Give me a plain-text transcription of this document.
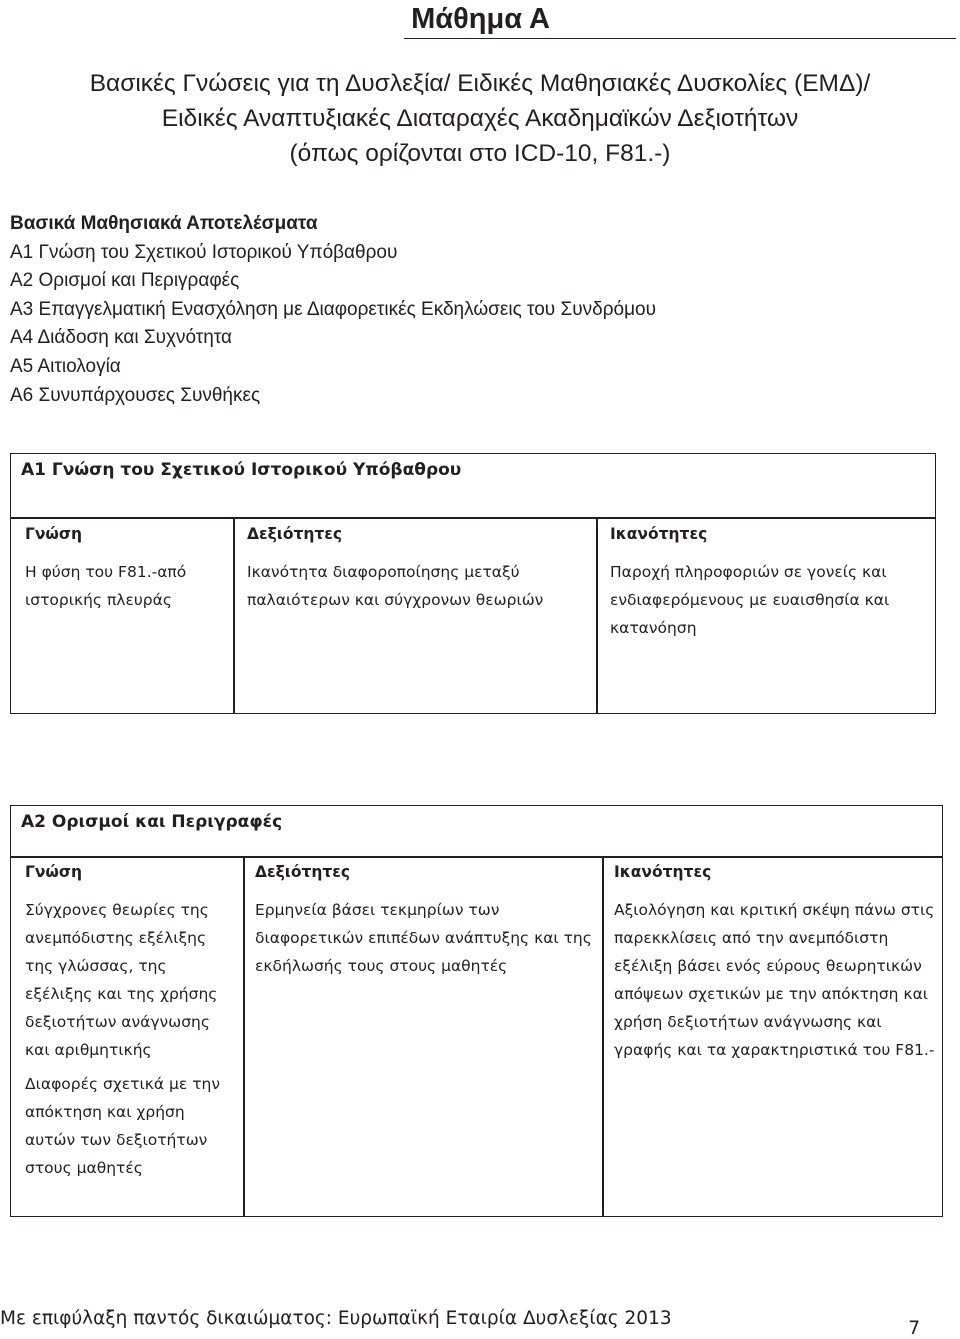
Μάθημα Α
Βασικές Γνώσεις για τη Δυσλεξία/ Ειδικές Μαθησιακές Δυσκολίες (ΕΜΔ)/
Ειδικές Αναπτυξιακές Διαταραχές Ακαδημαϊκών Δεξιοτήτων
(όπως ορίζονται στο ICD-10, F81.-)
Βασικά Μαθησιακά Αποτελέσματα
Α1 Γνώση του Σχετικού Ιστορικού Υπόβαθρου
Α2 Ορισμοί και Περιγραφές
Α3 Επαγγελματική Ενασχόληση με Διαφορετικές Εκδηλώσεις του Συνδρόμου
Α4 Διάδοση και Συχνότητα
Α5 Αιτιολογία
Α6 Συνυπάρχουσες Συνθήκες
Α1 Γνώση του Σχετικού Ιστορικού Υπόβαθρου
Γνώση

Η φύση του F81.-από ιστορικής πλευράς

Δεξιότητες

Ικανότητα διαφοροποίησης μεταξύ παλαιότερων και σύγχρονων θεωριών

Ικανότητες

Παροχή πληροφοριών σε γονείς και ενδιαφερόμενους με ευαισθησία και κατανόηση

Α2 Ορισμοί και Περιγραφές
Γνώση

Σύγχρονες θεωρίες της ανεμπόδιστης εξέλιξης της γλώσσας, της εξέλιξης και της χρήσης δεξιοτήτων ανάγνωσης και αριθμητικής

Διαφορές σχετικά με την απόκτηση και χρήση αυτών των δεξιοτήτων στους μαθητές

Δεξιότητες

Ερμηνεία βάσει τεκμηρίων των διαφορετικών επιπέδων ανάπτυξης και της εκδήλωσής τους στους μαθητές

Ικανότητες

Αξιολόγηση και κριτική σκέψη πάνω στις παρεκκλίσεις από την ανεμπόδιστη εξέλιξη βάσει ενός εύρους θεωρητικών απόψεων σχετικών με την απόκτηση και χρήση δεξιοτήτων ανάγνωσης και γραφής και τα χαρακτηριστικά του F81.-

Με επιφύλαξη παντός δικαιώματος: Ευρωπαϊκή Εταιρία Δυσλεξίας 2013	7
